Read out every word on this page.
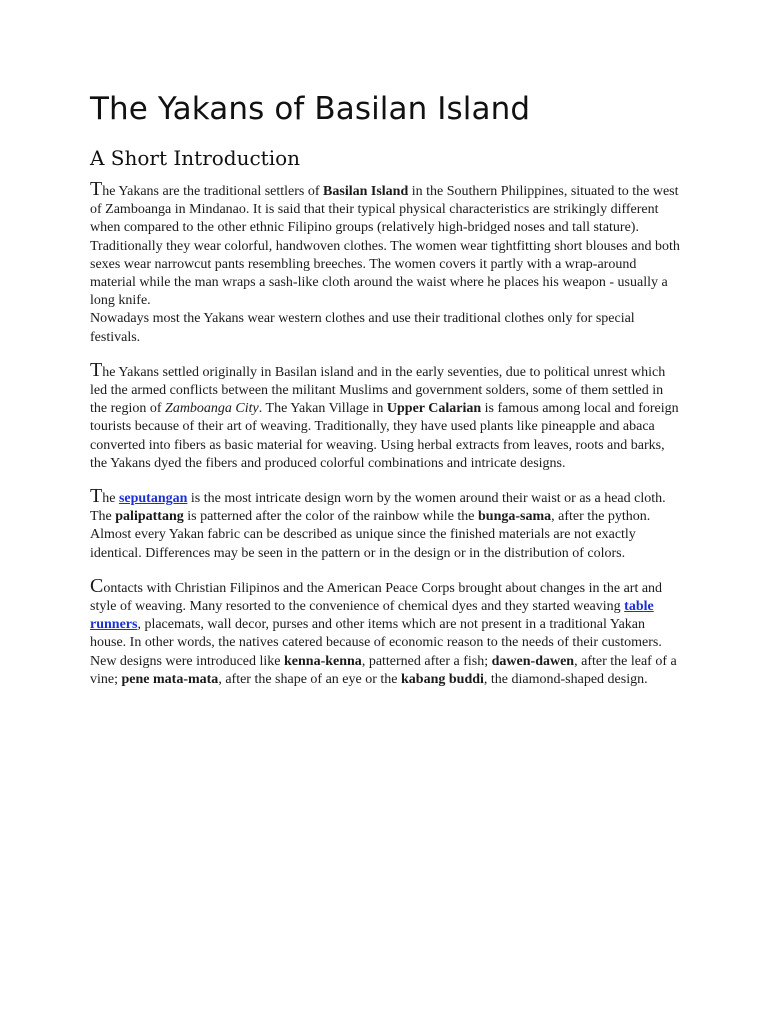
The Yakans of Basilan Island
A Short Introduction

The Yakans are the traditional settlers of Basilan Island in the Southern Philippines, situated to the west of Zamboanga in Mindanao. It is said that their typical physical characteristics are strikingly different when compared to the other ethnic Filipino groups (relatively high-bridged noses and tall stature). Traditionally they wear colorful, handwoven clothes. The women wear tightfitting short blouses and both sexes wear narrowcut pants resembling breeches. The women covers it partly with a wrap-around material while the man wraps a sash-like cloth around the waist where he places his weapon - usually a long knife.

Nowadays most the Yakans wear western clothes and use their traditional clothes only for special festivals.

The Yakans settled originally in Basilan island and in the early seventies, due to political unrest which led the armed conflicts between the militant Muslims and government solders, some of them settled in the region of Zamboanga City. The Yakan Village in Upper Calarian is famous among local and foreign tourists because of their art of weaving. Traditionally, they have used plants like pineapple and abaca converted into fibers as basic material for weaving. Using herbal extracts from leaves, roots and barks, the Yakans dyed the fibers and produced colorful combinations and intricate designs.

The seputangan is the most intricate design worn by the women around their waist or as a head cloth. The palipattang is patterned after the color of the rainbow while the bunga-sama, after the python. Almost every Yakan fabric can be described as unique since the finished materials are not exactly identical. Differences may be seen in the pattern or in the design or in the distribution of colors.

Contacts with Christian Filipinos and the American Peace Corps brought about changes in the art and style of weaving. Many resorted to the convenience of chemical dyes and they started weaving table runners, placemats, wall decor, purses and other items which are not present in a traditional Yakan house. In other words, the natives catered because of economic reason to the needs of their customers. New designs were introduced like kenna-kenna, patterned after a fish; dawen-dawen, after the leaf of a vine; pene mata-mata, after the shape of an eye or the kabang buddi, the diamond-shaped design.
